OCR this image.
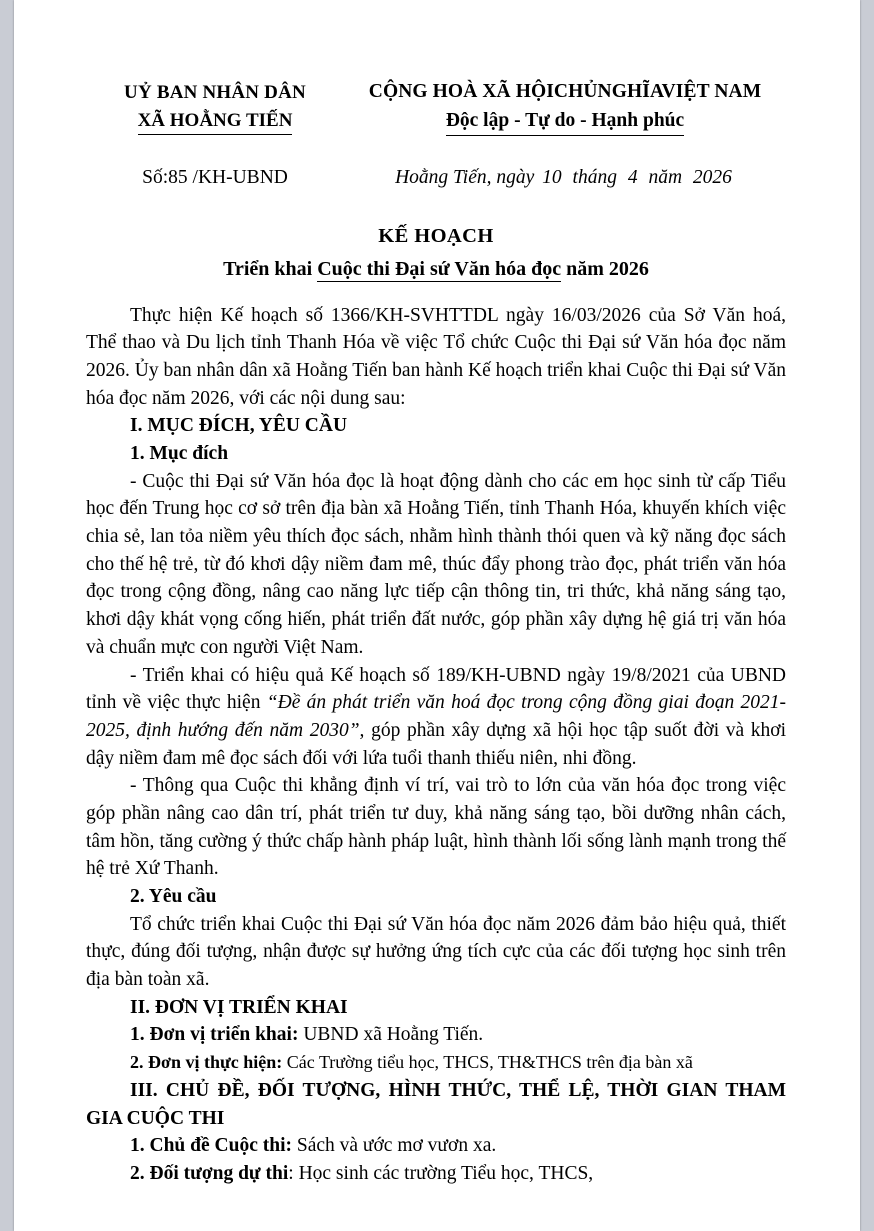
UỶ BAN NHÂN DÂN
XÃ HOẰNG TIẾN
CỘNG HOÀ XÃ HỘICHỦNGHĨAVIỆT NAM
Độc lập - Tự do - Hạnh phúc
Số:85 /KH-UBND	Hoằng Tiến, ngày 10 tháng 4 năm 2026
KẾ HOẠCH
Triển khai Cuộc thi Đại sứ Văn hóa đọc năm 2026

Thực hiện Kế hoạch số 1366/KH-SVHTTDL ngày 16/03/2026 của Sở Văn hoá, Thể thao và Du lịch tỉnh Thanh Hóa về việc Tổ chức Cuộc thi Đại sứ Văn hóa đọc năm 2026. Ủy ban nhân dân xã Hoằng Tiến ban hành Kế hoạch triển khai Cuộc thi Đại sứ Văn hóa đọc năm 2026, với các nội dung sau:

I. MỤC ĐÍCH, YÊU CẦU

1. Mục đích

- Cuộc thi Đại sứ Văn hóa đọc là hoạt động dành cho các em học sinh từ cấp Tiểu học đến Trung học cơ sở trên địa bàn xã Hoằng Tiến, tỉnh Thanh Hóa, khuyến khích việc chia sẻ, lan tỏa niềm yêu thích đọc sách, nhằm hình thành thói quen và kỹ năng đọc sách cho thế hệ trẻ, từ đó khơi dậy niềm đam mê, thúc đẩy phong trào đọc, phát triển văn hóa đọc trong cộng đồng, nâng cao năng lực tiếp cận thông tin, tri thức, khả năng sáng tạo, khơi dậy khát vọng cống hiến, phát triển đất nước, góp phần xây dựng hệ giá trị văn hóa và chuẩn mực con người Việt Nam.

- Triển khai có hiệu quả Kế hoạch số 189/KH-UBND ngày 19/8/2021 của UBND tỉnh về việc thực hiện “Đề án phát triển văn hoá đọc trong cộng đồng giai đoạn 2021-2025, định hướng đến năm 2030”, góp phần xây dựng xã hội học tập suốt đời và khơi dậy niềm đam mê đọc sách đối với lứa tuổi thanh thiếu niên, nhi đồng.

- Thông qua Cuộc thi khẳng định ví trí, vai trò to lớn của văn hóa đọc trong việc góp phần nâng cao dân trí, phát triển tư duy, khả năng sáng tạo, bồi dưỡng nhân cách, tâm hồn, tăng cường ý thức chấp hành pháp luật, hình thành lối sống lành mạnh trong thế hệ trẻ Xứ Thanh.

2. Yêu cầu

Tổ chức triển khai Cuộc thi Đại sứ Văn hóa đọc năm 2026 đảm bảo hiệu quả, thiết thực, đúng đối tượng, nhận được sự hưởng ứng tích cực của các đối tượng học sinh trên địa bàn toàn xã.

II. ĐƠN VỊ TRIỂN KHAI

1. Đơn vị triển khai: UBND xã Hoằng Tiến.

2. Đơn vị thực hiện: Các Trường tiểu học, THCS, TH&THCS trên địa bàn xã

III. CHỦ ĐỀ, ĐỐI TƯỢNG, HÌNH THỨC, THỂ LỆ, THỜI GIAN THAM GIA CUỘC THI

1. Chủ đề Cuộc thi: Sách và ước mơ vươn xa.

2. Đối tượng dự thi: Học sinh các trường Tiểu học, THCS,
